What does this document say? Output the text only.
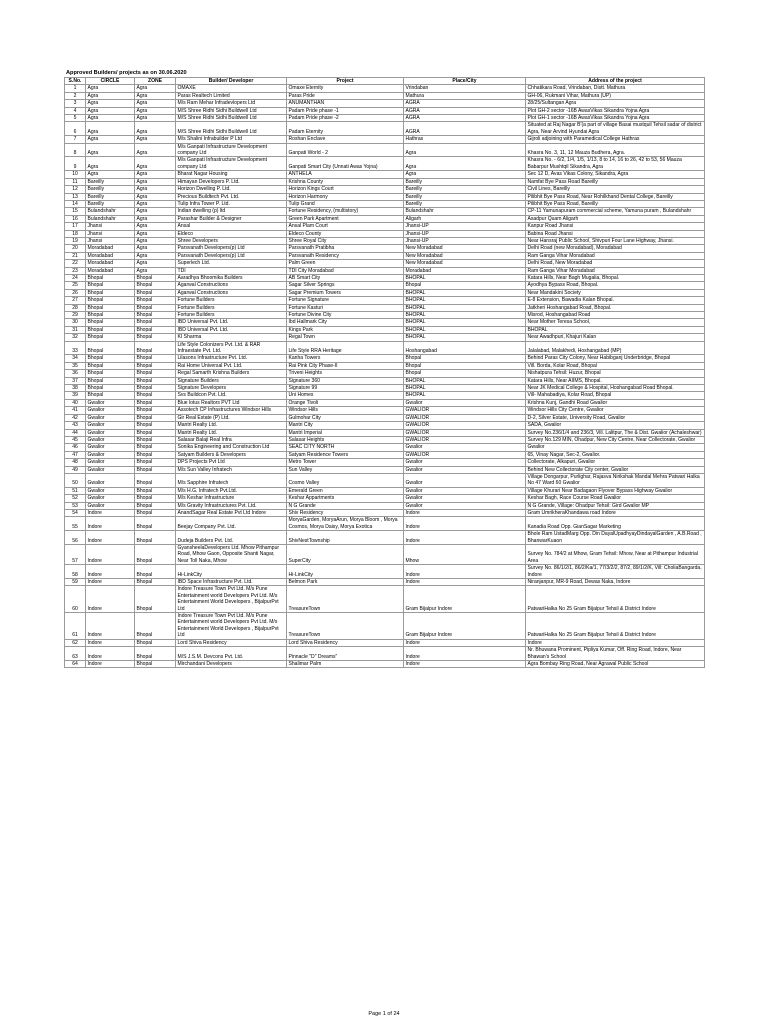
Approved Builders/ projects as on 30.06.2020
S.No.	CIRCLE	ZONE	Builder/ Developer	Project	Place/City	Address of the project
1	Agra	Agra	OMAXE	Omaxe Eternity	Vrindaban	Chhatikara Road, Vrindaban, Distt. Mathura
2	Agra	Agra	Paras Realtech Limited	Paras Pride	Mathura	GH-06, Rukmani Vihar, Mathura (UP)
3	Agra	Agra	M/s Ram Mehar Infradevlopers Ltd	ANUMANTHAN	AGRA	28/25/Sultangan Agra
4	Agra	Agra	M/S Shree Ridhi Sidhi Buildwell Ltd	Padam Pride phase -1	AGRA	Plot GH-2 sector -16B AwasVikas Sikandra Yojna Agra
5	Agra	Agra	M/S Shree Ridhi Sidhi Buildwell Ltd	Padam Pride phase -2	AGRA	Plot GH-1 sector -16B AwasVikas Sikandra Yojna Agra
6	Agra	Agra	M/S Shree Ridhi Sidhi Buildwell Ltd	Padam Eternity	AGRA	Situated at Raj Nagar B'(a part of village Basai mustquil Tehsil sadar of district Agra, Near Arvind Hyundai Agra
7	Agra	Agra	M/s Shalini Infrabuilder P Ltd	Roshan Enclave	Hathras	Gijroli adjoining with Paramedical College Hathras
8	Agra	Agra	M/s Ganpati Infrastructure Development company Ltd	Ganpati World - 2	Agra	Khasra No. 3, 11, 12 Mauza Budhera, Agra.
9	Agra	Agra	M/s Ganpati Infrastructure Development company Ltd	Ganpati Smart City (Unnati Awas Yojna)	Agra	Khasra No. - 6/2, 1/4, 1/5, 1/13, 8 to 14, 16 to 26, 42 to 53, 56 Mauza Babarpur Mushtqil Sikandra, Agra
10	Agra	Agra	Bharat Nagar Housing	ANTHELA	Agra	Sec 12 D, Avas Vikas Colony, Sikandra, Agra
11	Bareilly	Agra	Himayan Developers P. Ltd.	Krishna County	Bareilly	Namfat Bye Pass Road Bareilly
12	Bareilly	Agra	Horizon Dwelling P. Ltd.	Horizon Kings Court	Bareilly	Civil Lines, Bareilly
13	Bareilly	Agra	Precious Buildtech Pvt. Ltd.	Horizon Harmony	Bareilly	Pilibhit Bye Pass Road, Near Rohilkhand Dental College, Bareilly
14	Bareilly	Agra	Tulip Infra Tower P. Ltd.	Tulip Grand	Bareilly	Pilibhit Bye Pass Road, Bareilly
15	Bulandshahr	Agra	Indian dwelling (p) ltd	Fortune Residency, (multistory)	Bulandshahr	CP-11 Yamunapuram commercial scheme, Yamuna puram , Bulandshahr
16	Bulandshahr	Agra	Parashar Builder & Designer	Green Park Apartment	Aligarh	Asadpur Quam Aligarh
17	Jhansi	Agra	Ansal	Ansal Plam Court	Jhansi-UP	Kanpur Road Jhansi
18	Jhansi	Agra	Eldeco	Eldeco County	Jhansi-UP	Babina Road Jhansi
19	Jhansi	Agra	Shree Developers	Shree Royal City	Jhansi-UP	Near Hansraj Public School, Shivpuri Four Lane Highway, Jhansi.
20	Moradabad	Agra	Parsvanath Developers(p) Ltd	Parsvanath Pratibha	New Moradabad	Delhi Road (new Moradabad), Moradabad
21	Moradabad	Agra	Parsvanath Developers(p) Ltd	Parsvanath Residency	New Moradabad	Ram Ganga Vihar Moradabad
22	Moradabad	Agra	Superlech Ltd.	Palm Green	New Moradabad	Delhi Road, New Moradabad
23	Moradabad	Agra	TDI	TDI City Moradabad	Moradabad	Ram Ganga Vihar Moradabad
24	Bhopal	Bhopal	Aaradhya Bhoomika Builders	AB Smart City	BHOPAL	Katara Hills, Near Bagh Mugalia, Bhopal.
25	Bhopal	Bhopal	Agarwal Constructions	Sagar Silver Springs	Bhopal	Ayodhya Bypass Road, Bhopal.
26	Bhopal	Bhopal	Agarwal Constructions	Sagar Premium Towers	BHOPAL	Near Mandakini Society
27	Bhopal	Bhopal	Fortune Builders	Fortune Signature	BHOPAL	E-8 Extension, Bawadia Kalan Bhopal.
28	Bhopal	Bhopal	Fortune Builders	Fortune Kasturi	BHOPAL	Jatkheri Hoshangabad Road, Bhopal.
29	Bhopal	Bhopal	Fortune Builders	Fortune Divine City	BHOPAL	Misrod, Hoshangabad Road
30	Bhopal	Bhopal	IBD Universal Pvt. Ltd.	Ibd Hallmark City	BHOPAL	Near Mother Teresa School,
31	Bhopal	Bhopal	IBD Universal Pvt. Ltd.	Kings Park	BHOPAL	BHOPAL
32	Bhopal	Bhopal	KI Sharma	Regal Town	BHOPAL	Near Awadhpuri, Khajuri Kalan
33	Bhopal	Bhopal	Life Style Colonizers Pvt. Ltd. & RAR Infraestate Pvt. Ltd.	Life Style RRA Heritage	Hoshangabad	Jalalabad, Malakhedi, Hoshangabad (MP)
34	Bhopal	Bhopal	Lilasons Infrastructure Pvt. Ltd.	Kanha Towers	Bhopal	Behind Paras City Colony, Near Habibganj Underbridge, Bhopal
35	Bhopal	Bhopal	Rai Home Universal Pvt. Ltd.	Rai Pink City Phase-II	Bhopal	Vill. Borda, Kolar Road, Bhopal
36	Bhopal	Bhopal	Regal Samarth Krishna Builders	Triveni Heights	Bhopal	Nishatpura Tehsil: Huzur, Bhopal
37	Bhopal	Bhopal	Signature Builders	Signature 360	BHOPAL	Katara Hills, Near AIIMS, Bhopal.
38	Bhopal	Bhopal	Signature Developers	Signature 99	BHOPAL	Near JK Medical College & Hospital, Hoshangabad Road Bhopal.
39	Bhopal	Bhopal	Svs Buildcon Pvt. Ltd.	Uni Homes	BHOPAL	Vill- Mahabadiya, Kolar Road, Bhopal
40	Gwalior	Bhopal	Blue lotus Realtors PVT Ltd	Orange Tivoli	Gwalior	Krishna Kunj, Gandhi Road Gwalior
41	Gwalior	Bhopal	Assotech CP Infrastructures Windsor Hills	Windsor Hills	GWALIOR	Windsor Hills City Centre, Gwalior
42	Gwalior	Bhopal	Gir Real Estate (P) Ltd.	Gulmohar City	GWALIOR	D-2, Silver Estate, University Road, Gwalior
43	Gwalior	Bhopal	Mantri Realty Ltd.	Mantri City	GWALIOR	SADA, Gwalior
44	Gwalior	Bhopal	Mantri Realty Ltd.	Mantri Imperial	GWALIOR	Survey No.236/1/4 and 236/3, Vill. Lalitpur, The & Dist. Gwalior (Achaleshwar)
45	Gwalior	Bhopal	Salasar Balaji Real Infra	Salasar Heights	GWALIOR	Survey No.129 MIN, Ohadpur, New City Centre, Near Collectorate, Gwalior
46	Gwalior	Bhopal	Sonika Engineering and Construction Ltd	SEAC CITY NORTH	Gwalior	Gwalior
47	Gwalior	Bhopal	Satyam Builders & Developers	Satyam Residence Towers	GWALIOR	65, Vinay Nagar, Sec-2, Gwalior.
48	Gwalior	Bhopal	DPS Projects Pvt Ltd	Metro Tower	Gwalior	Collectorate, Alkapuri, Gwalior
49	Gwalior	Bhopal	M/s Sun Valley Infratech	Sun Valley	Gwalior	Behind New Collectorate City center, Gwalior
50	Gwalior	Bhopal	M/s Sapphire Infratech	Cosmo Valley	Gwalior	Village Dongarpur, Purlighar, Rajasva Nirikshak Mandal Mehra Patwari Halka No 47 Ward 60 Gwalior
51	Gwalior	Bhopal	M/s H.G. Infratech Pvt.Ltd.	Emerald Green	Gwalior	Village Khurari Near Badagaon Flyover Bypass Highway Gwalior
52	Gwalior	Bhopal	M/s Keshar Infrastructure	Keshar Appartments	Gwalior	Keshar Bagh, Race Course Road Gwalior
53	Gwalior	Bhopal	M/s Gravity Infrastructures Pvt. Ltd.	N G Grande	Gwalior	N G Grande, Village: Ohadpur Tehsil: Gird Gwalior MP
54	Indore	Bhopal	AnandSagar Real Estate Pvt Ltd Indore	Shiv Residency	Indore	Gram UmrikheraKhandawa road Indore
55	Indore	Bhopal	Beejay Company Pvt. Ltd.	MoryaGarden, MoryaArun, Morya Bloom , Morya Cosmos, Morya Daisy, Morya Exotica	Indore	Kanadia Road Opp. GianSagar Marketing
56	Indore	Bhopal	Dudeja Builders Pvt. Ltd.	ShivNestTownship	Indore	Bhole Ram UstadMarg Opp. Din DayalUpadhyayDindayalGarden , A.B.Road , BhanwarKuaon
57	Indore	Bhopal	GyansheelaDevelopers Ltd. Mhow Pithampur Road, Mhow Gaon, Opposite Shanti Nagar, Near Toll Naka, Mhow	SuperCity	Mhow	Survey No. 784/2 at Mhow, Gram Tehsil: Mhow, Near at Pithampur Industrial Area
58	Indore	Bhopal	Hi-LinkCity	Hi-LinkCity	Indore	Survey No. 86/1/2/1, 86/2/Ka/1, 77/3/2/2, 87/2, 89/1/2/K, Vill: CholiaBangarda, Indore
59	Indore	Bhopal	IBD Space Infrastructure Pvt. Ltd.	Belmon Park	Indore	Niranjanpur, MR-9 Road, Dewas Naka, Indore
60	Indore	Bhopal	Indore Treasure Town Pvt Ltd. M/s Pune Entertainment world Developers Pvt Ltd. M/s Entertainment World Developers , BijalpurPvt Ltd	TreasureTown	Gram Bijalpur Indore	PatwariHalka No 25 Gram Bijalpur Tehsil & District Indore
61	Indore	Bhopal	Indore Treasure Town Pvt Ltd. M/s Pune Entertainment world Developers Pvt Ltd. M/s Entertainment World Developers , BijalpurPvt Ltd	TreasureTown	Gram Bijalpur Indore	PatwariHalka No 25 Gram Bijalpur Tehsil & District Indore
62	Indore	Bhopal	Lord Shiva Residency	Lord Shiva Residency	Indore	Indore
63	Indore	Bhopal	M/S J.S.M. Devcons Pvt. Ltd.	Pinnacle "D" Dreams"	Indore	Nr. Bhuwana Prominent, Pipliya Kumar, Off. Ring Road, Indore, Near Bhawan's School
64	Indore	Bhopal	Mirchandani Developers	Shalimar Palm	Indore	Agra Bombay Ring Road, Near Agrawal Public School
Page 1 of 24
